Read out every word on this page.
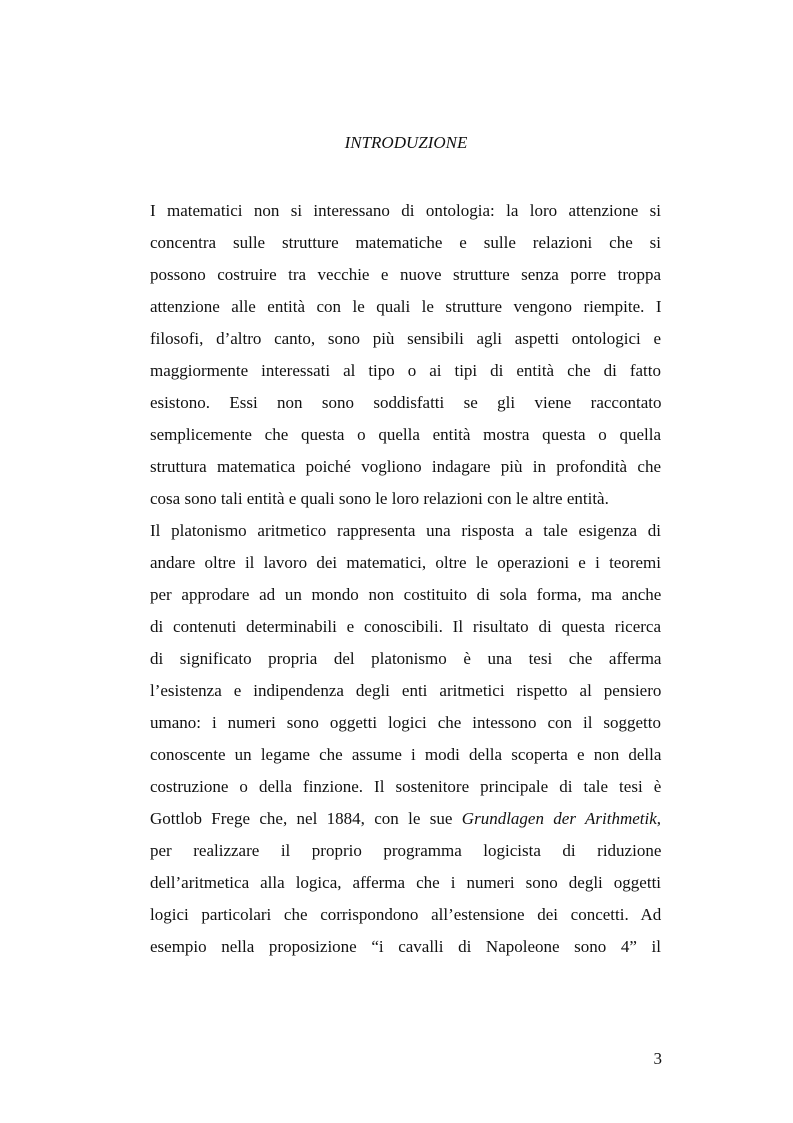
INTRODUZIONE

I matematici non si interessano di ontologia: la loro attenzione si
concentra sulle strutture matematiche e sulle relazioni che si
possono costruire tra vecchie e nuove strutture senza porre troppa
attenzione alle entità con le quali le strutture vengono riempite. I
filosofi, d’altro canto, sono più sensibili agli aspetti ontologici e
maggiormente interessati al tipo o ai tipi di entità che di fatto
esistono. Essi non sono soddisfatti se gli viene raccontato
semplicemente che questa o quella entità mostra questa o quella
struttura matematica poiché vogliono indagare più in profondità che
cosa sono tali entità e quali sono le loro relazioni con le altre entità.

Il platonismo aritmetico rappresenta una risposta a tale esigenza di
andare oltre il lavoro dei matematici, oltre le operazioni e i teoremi
per approdare ad un mondo non costituito di sola forma, ma anche
di contenuti determinabili e conoscibili. Il risultato di questa ricerca
di significato propria del platonismo è una tesi che afferma
l’esistenza e indipendenza degli enti aritmetici rispetto al pensiero
umano: i numeri sono oggetti logici che intessono con il soggetto
conoscente un legame che assume i modi della scoperta e non della
costruzione o della finzione. Il sostenitore principale di tale tesi è
Gottlob Frege che, nel 1884, con le sue Grundlagen der Arithmetik,
per realizzare il proprio programma logicista di riduzione
dell’aritmetica alla logica, afferma che i numeri sono degli oggetti
logici particolari che corrispondono all’estensione dei concetti. Ad
esempio nella proposizione “i cavalli di Napoleone sono 4” il

3
